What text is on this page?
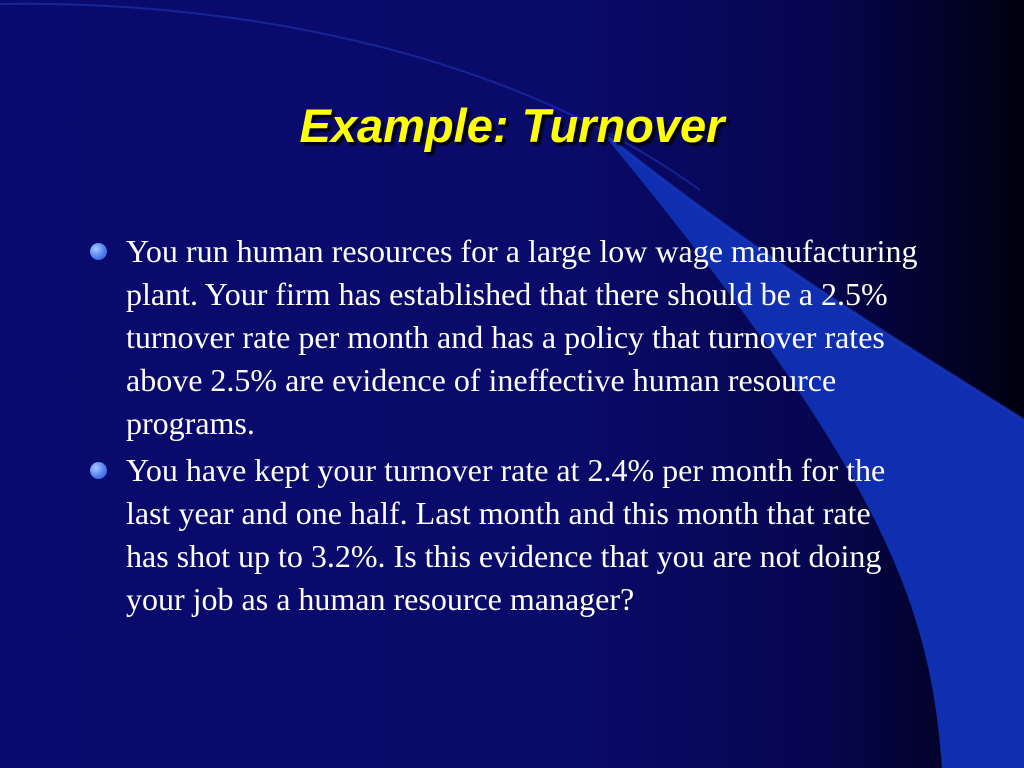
Example: Turnover
You run human resources for a large low wage manufacturing plant. Your firm has established that there should be a 2.5% turnover rate per month and has a policy that turnover rates above 2.5% are evidence of ineffective human resource programs.
You have kept your turnover rate at 2.4% per month for the last year and one half. Last month and this month that rate has shot up to 3.2%. Is this evidence that you are not doing your job as a human resource manager?
